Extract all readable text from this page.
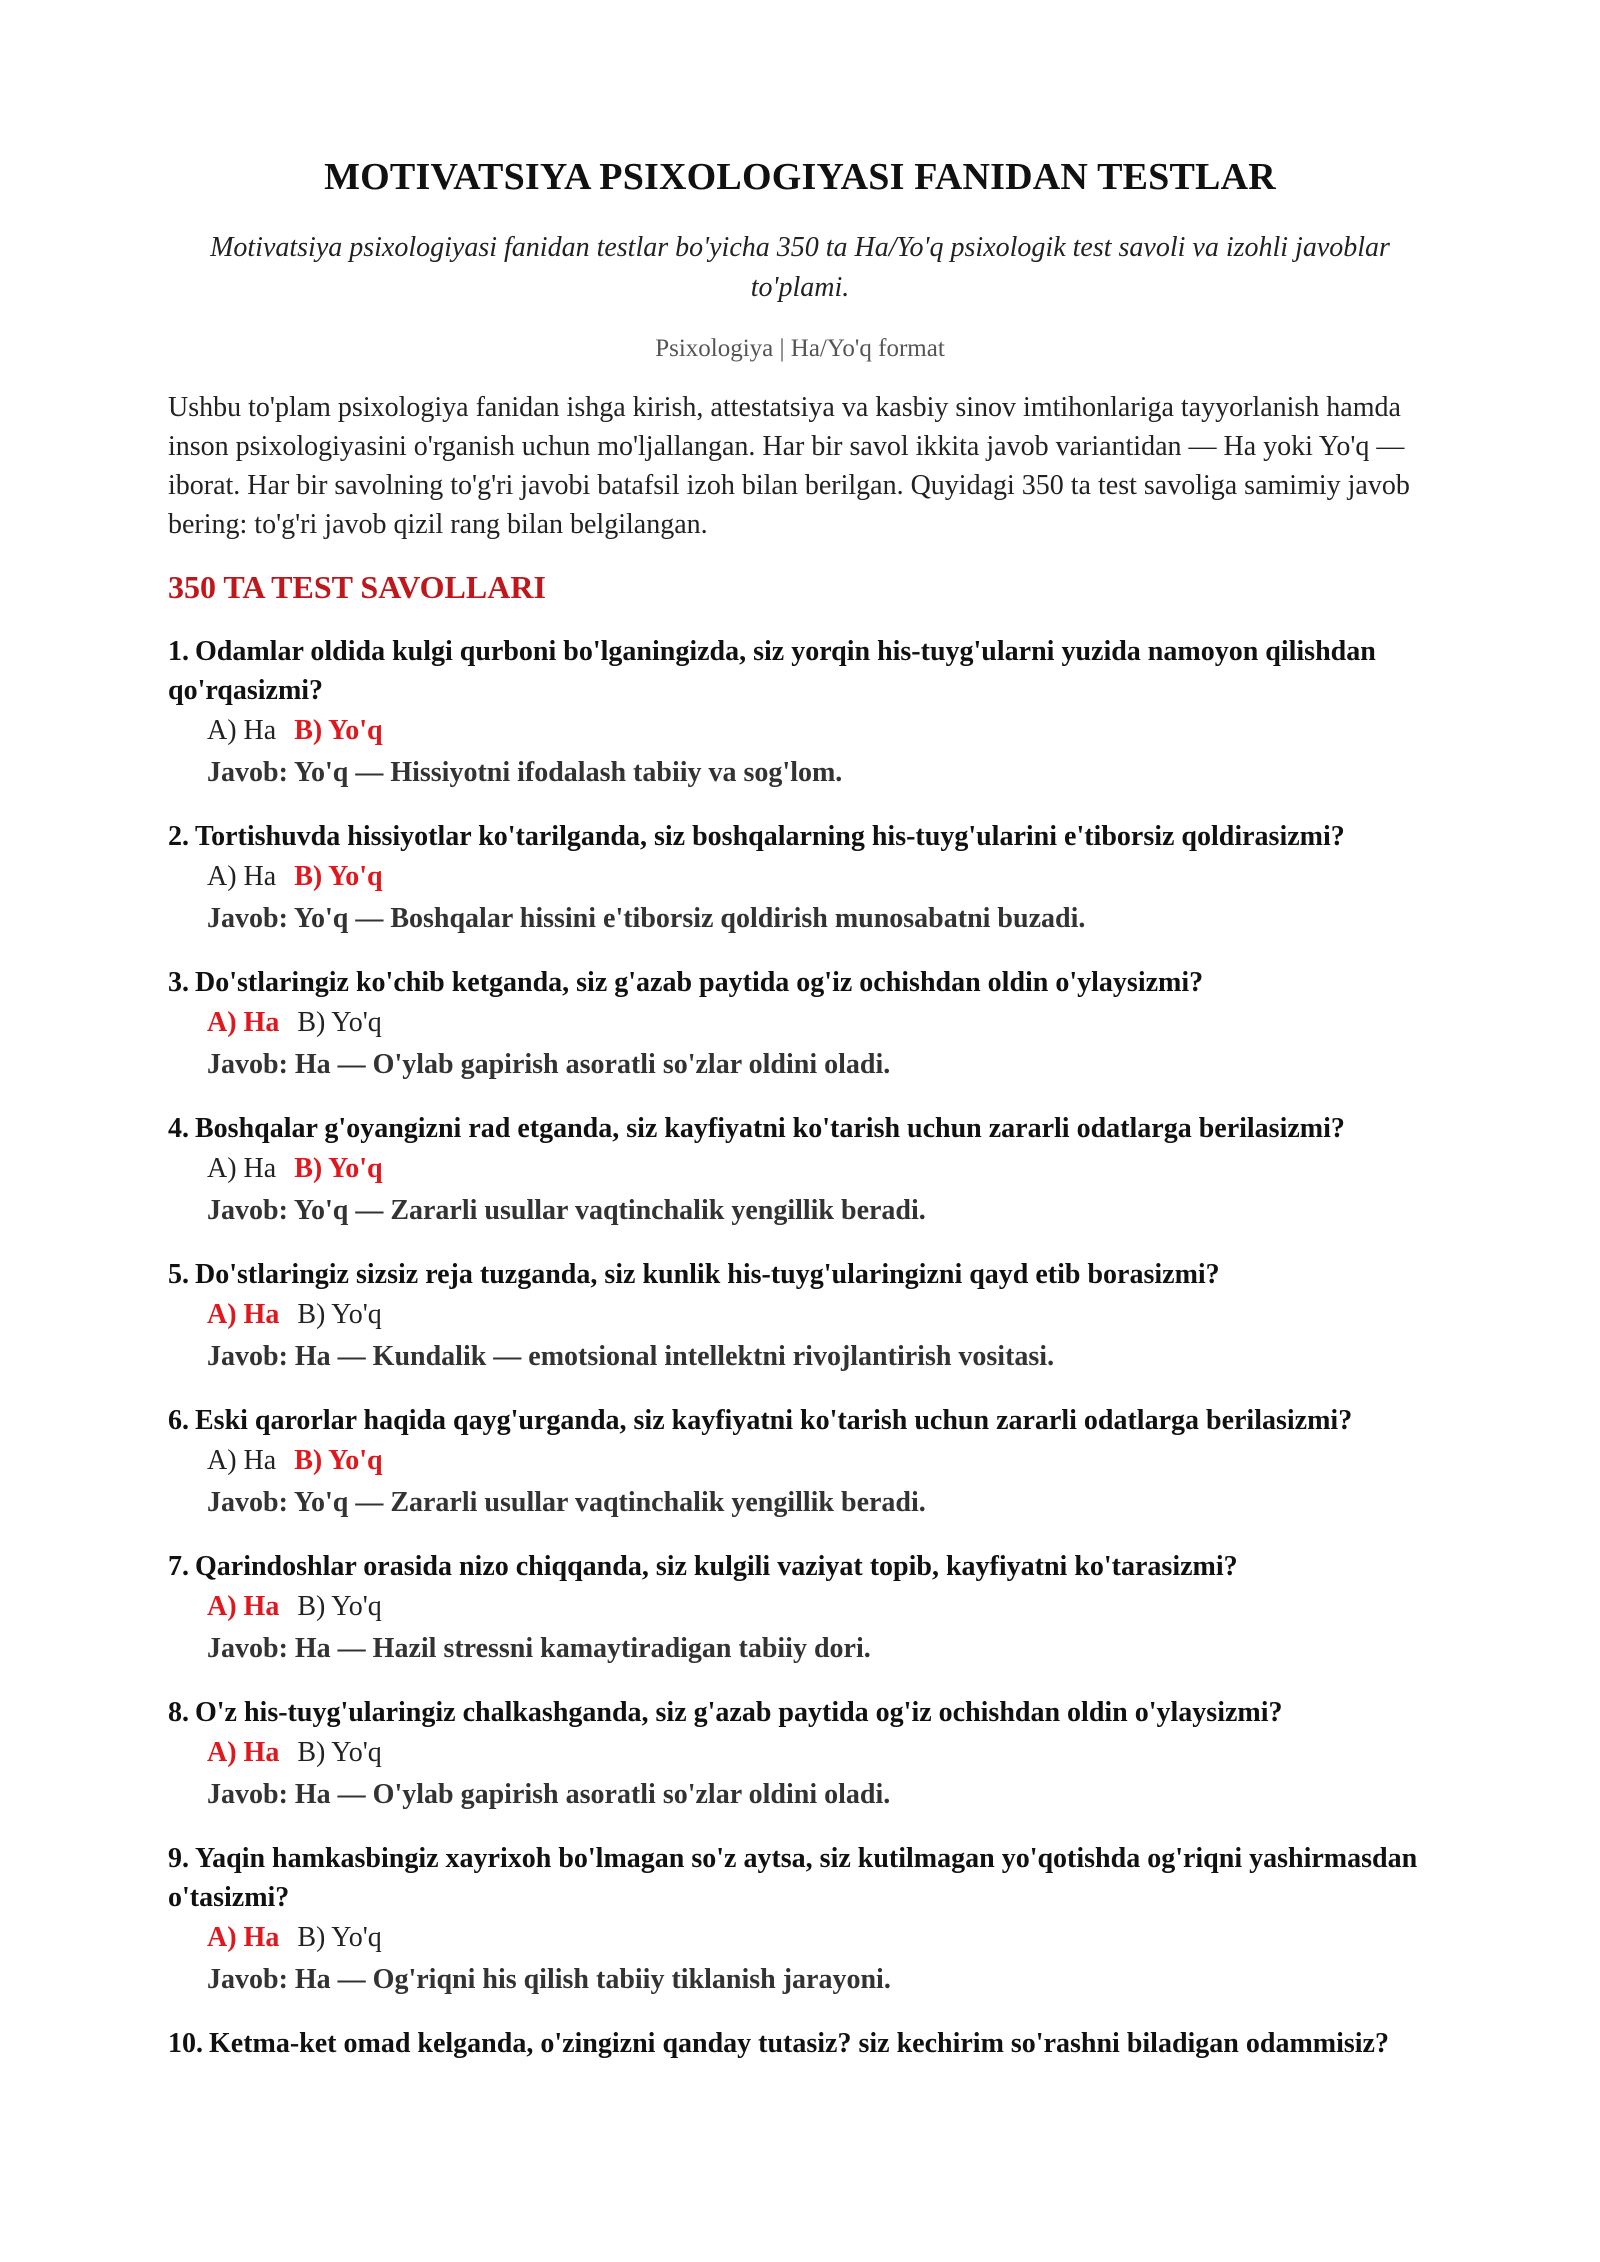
MOTIVATSIYA PSIXOLOGIYASI FANIDAN TESTLAR
Motivatsiya psixologiyasi fanidan testlar bo'yicha 350 ta Ha/Yo'q psixologik test savoli va izohli javoblar to'plami.
Psixologiya | Ha/Yo'q format
Ushbu to'plam psixologiya fanidan ishga kirish, attestatsiya va kasbiy sinov imtihonlariga tayyorlanish hamda inson psixologiyasini o'rganish uchun mo'ljallangan. Har bir savol ikkita javob variantidan — Ha yoki Yo'q — iborat. Har bir savolning to'g'ri javobi batafsil izoh bilan berilgan. Quyidagi 350 ta test savoliga samimiy javob bering: to'g'ri javob qizil rang bilan belgilangan.
350 TA TEST SAVOLLARI
1. Odamlar oldida kulgi qurboni bo'lganingizda, siz yorqin his-tuyg'ularni yuzida namoyon qilishdan qo'rqasizmi?
A) Ha B) Yo'q
Javob: Yo'q — Hissiyotni ifodalash tabiiy va sog'lom.
2. Tortishuvda hissiyotlar ko'tarilganda, siz boshqalarning his-tuyg'ularini e'tiborsiz qoldirasizmi?
A) Ha B) Yo'q
Javob: Yo'q — Boshqalar hissini e'tiborsiz qoldirish munosabatni buzadi.
3. Do'stlaringiz ko'chib ketganda, siz g'azab paytida og'iz ochishdan oldin o'ylaysizmi?
A) Ha B) Yo'q
Javob: Ha — O'ylab gapirish asoratli so'zlar oldini oladi.
4. Boshqalar g'oyangizni rad etganda, siz kayfiyatni ko'tarish uchun zararli odatlarga berilasizmi?
A) Ha B) Yo'q
Javob: Yo'q — Zararli usullar vaqtinchalik yengillik beradi.
5. Do'stlaringiz sizsiz reja tuzganda, siz kunlik his-tuyg'ularingizni qayd etib borasizmi?
A) Ha B) Yo'q
Javob: Ha — Kundalik — emotsional intellektni rivojlantirish vositasi.
6. Eski qarorlar haqida qayg'urganda, siz kayfiyatni ko'tarish uchun zararli odatlarga berilasizmi?
A) Ha B) Yo'q
Javob: Yo'q — Zararli usullar vaqtinchalik yengillik beradi.
7. Qarindoshlar orasida nizo chiqqanda, siz kulgili vaziyat topib, kayfiyatni ko'tarasizmi?
A) Ha B) Yo'q
Javob: Ha — Hazil stressni kamaytiradigan tabiiy dori.
8. O'z his-tuyg'ularingiz chalkashganda, siz g'azab paytida og'iz ochishdan oldin o'ylaysizmi?
A) Ha B) Yo'q
Javob: Ha — O'ylab gapirish asoratli so'zlar oldini oladi.
9. Yaqin hamkasbingiz xayrixoh bo'lmagan so'z aytsa, siz kutilmagan yo'qotishda og'riqni yashirmasdan o'tasizmi?
A) Ha B) Yo'q
Javob: Ha — Og'riqni his qilish tabiiy tiklanish jarayoni.
10. Ketma-ket omad kelganda, o'zingizni qanday tutasiz? siz kechirim so'rashni biladigan odammisiz?
